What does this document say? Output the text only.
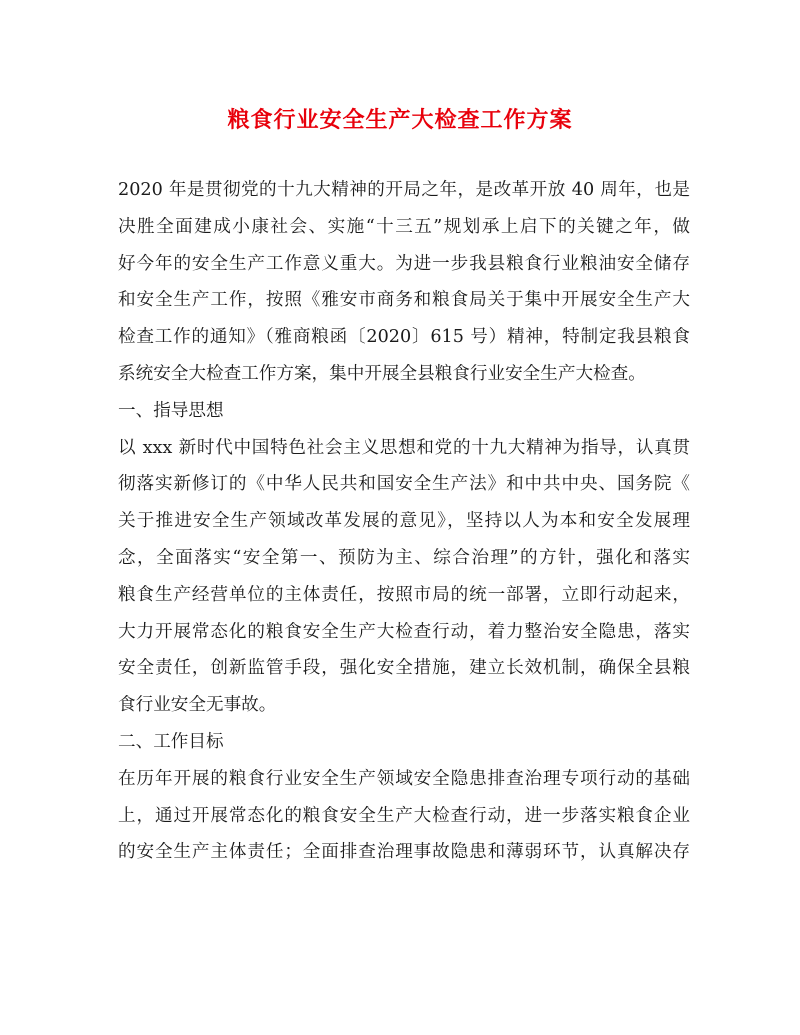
粮食行业安全生产大检查工作方案
2020 年是贯彻党的十九大精神的开局之年，是改革开放 40 周年，也是
决胜全面建成小康社会、实施“十三五”规划承上启下的关键之年，做
好今年的安全生产工作意义重大。为进一步我县粮食行业粮油安全储存
和安全生产工作，按照《雅安市商务和粮食局关于集中开展安全生产大
检查工作的通知》（雅商粮函〔2020〕615 号）精神，特制定我县粮食
系统安全大检查工作方案，集中开展全县粮食行业安全生产大检查。
一、指导思想
以 xxx 新时代中国特色社会主义思想和党的十九大精神为指导，认真贯
彻落实新修订的《中华人民共和国安全生产法》和中共中央、国务院《
关于推进安全生产领域改革发展的意见》，坚持以人为本和安全发展理
念，全面落实“安全第一、预防为主、综合治理”的方针，强化和落实
粮食生产经营单位的主体责任，按照市局的统一部署，立即行动起来，
大力开展常态化的粮食安全生产大检查行动，着力整治安全隐患，落实
安全责任，创新监管手段，强化安全措施，建立长效机制，确保全县粮
食行业安全无事故。
二、工作目标
在历年开展的粮食行业安全生产领域安全隐患排查治理专项行动的基础
上，通过开展常态化的粮食安全生产大检查行动，进一步落实粮食企业
的安全生产主体责任；全面排查治理事故隐患和薄弱环节，认真解决存
